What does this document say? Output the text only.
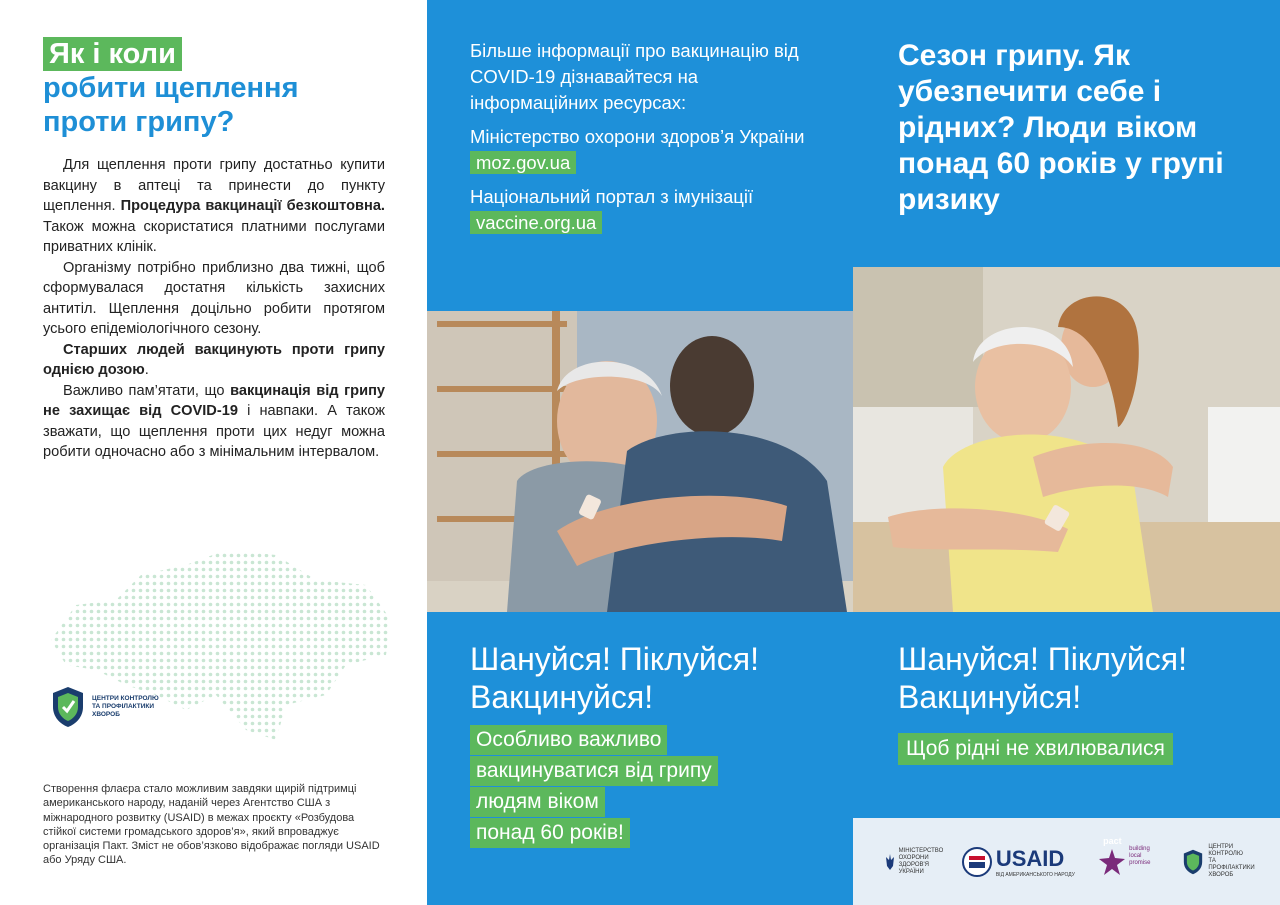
Як і коли
робити щеплення
проти грипу?

Для щеплення проти грипу достатньо купити вакцину в аптеці та принести до пункту щеплення. Процедура вакцинації безкоштовна. Також можна скористатися платними послугами приватних клінік.

Організму потрібно приблизно два тижні, щоб сформувалася достатня кількість захисних антитіл. Щеплення доцільно робити протягом усього епідеміологічного сезону.

Старших людей вакцинують проти грипу однією дозою.

Важливо пам’ятати, що вакцинація від грипу не захищає від COVID-19 і навпаки. А також зважати, що щеплення проти цих недуг можна робити одночасно або з мінімальним інтервалом.

ЦЕНТРИ КОНТРОЛЮ ТА ПРОФІЛАКТИКИ ХВОРОБ
Створення флаєра стало можливим завдяки щирій підтримці американського народу, наданій через Агентство США з міжнародного розвитку (USAID) в межах проєкту «Розбудова стійкої системи громадського здоров’я», який впроваджує організація Пакт. Зміст не обов’язково відображає погляди USAID або Уряду США.
Більше інформації про вакцинацію від COVID-19 дізнавайтеся на інформаційних ресурсах:
Міністерство охорони здоров’я України moz.gov.ua
Національний портал з імунізації vaccine.org.ua
Шануйся! Піклуйся!
Вакцинуйся!
Особливо важливо
вакцинуватися від грипу
людям віком
понад 60 років!
Сезон грипу. Як убезпечити себе і рідних? Люди віком понад 60 років у групі ризику
Шануйся! Піклуйся!
Вакцинуйся!
Щоб рідні не хвилювалися
МІНІСТЕРСТВО ОХОРОНИ ЗДОРОВ'Я УКРАЇНИ
USAID
ВІД АМЕРИКАНСЬКОГО НАРОДУ
pact
building local promise
ЦЕНТРИ КОНТРОЛЮ ТА ПРОФІЛАКТИКИ ХВОРОБ
